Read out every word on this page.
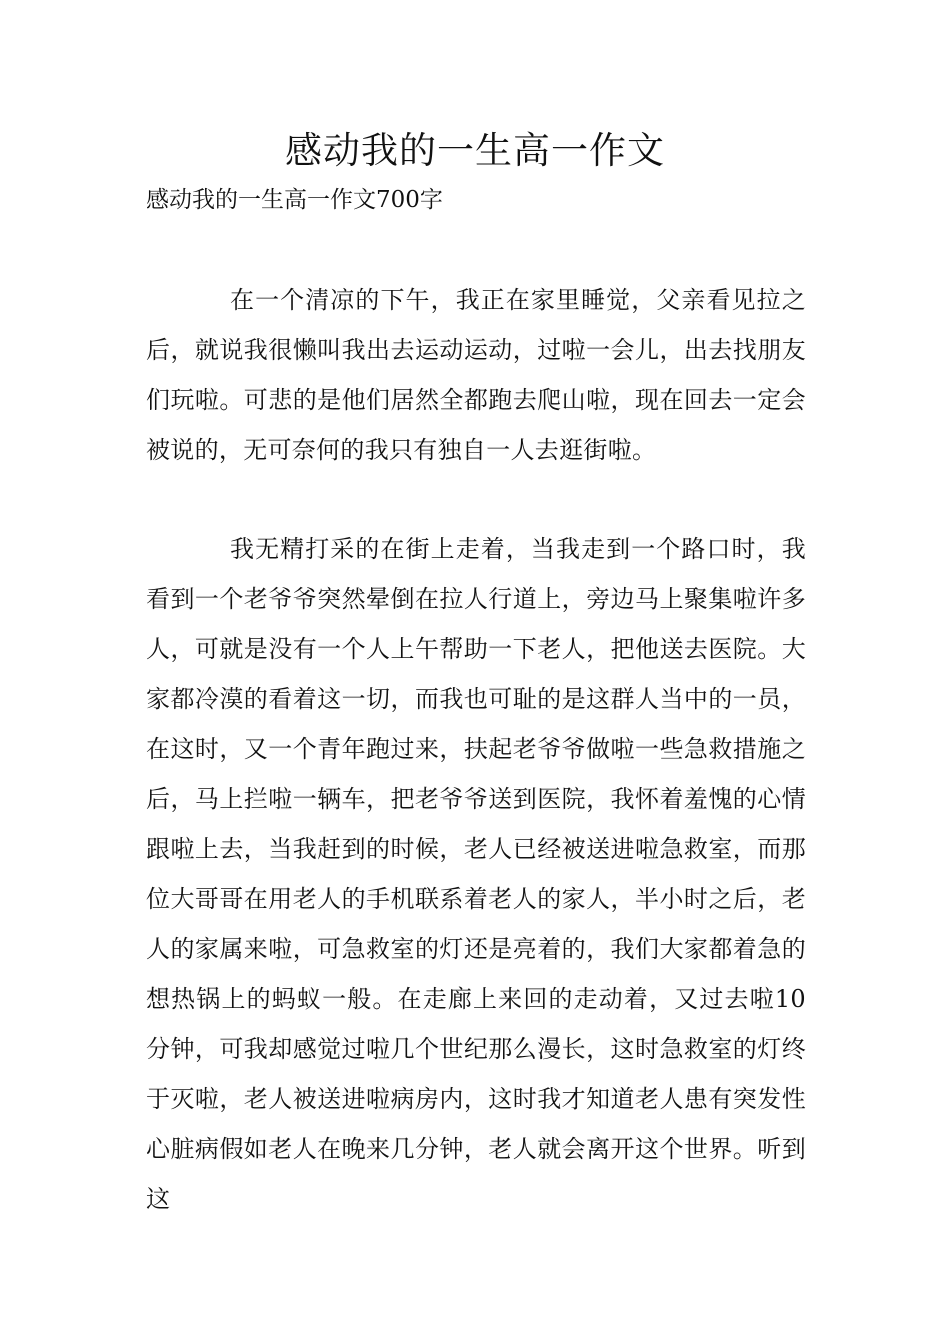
感动我的一生高一作文

感动我的一生高一作文700字

在一个清凉的下午，我正在家里睡觉，父亲看见拉之后，就说我很懒叫我出去运动运动，过啦一会儿，出去找朋友们玩啦。可悲的是他们居然全都跑去爬山啦，现在回去一定会被说的，无可奈何的我只有独自一人去逛街啦。

我无精打采的在街上走着，当我走到一个路口时，我看到一个老爷爷突然晕倒在拉人行道上，旁边马上聚集啦许多人，可就是没有一个人上午帮助一下老人，把他送去医院。大家都冷漠的看着这一切，而我也可耻的是这群人当中的一员，在这时，又一个青年跑过来，扶起老爷爷做啦一些急救措施之后，马上拦啦一辆车，把老爷爷送到医院，我怀着羞愧的心情跟啦上去，当我赶到的时候，老人已经被送进啦急救室，而那位大哥哥在用老人的手机联系着老人的家人，半小时之后，老人的家属来啦，可急救室的灯还是亮着的，我们大家都着急的想热锅上的蚂蚁一般。在走廊上来回的走动着，又过去啦10分钟，可我却感觉过啦几个世纪那么漫长，这时急救室的灯终于灭啦，老人被送进啦病房内，这时我才知道老人患有突发性心脏病假如老人在晚来几分钟，老人就会离开这个世界。听到这
